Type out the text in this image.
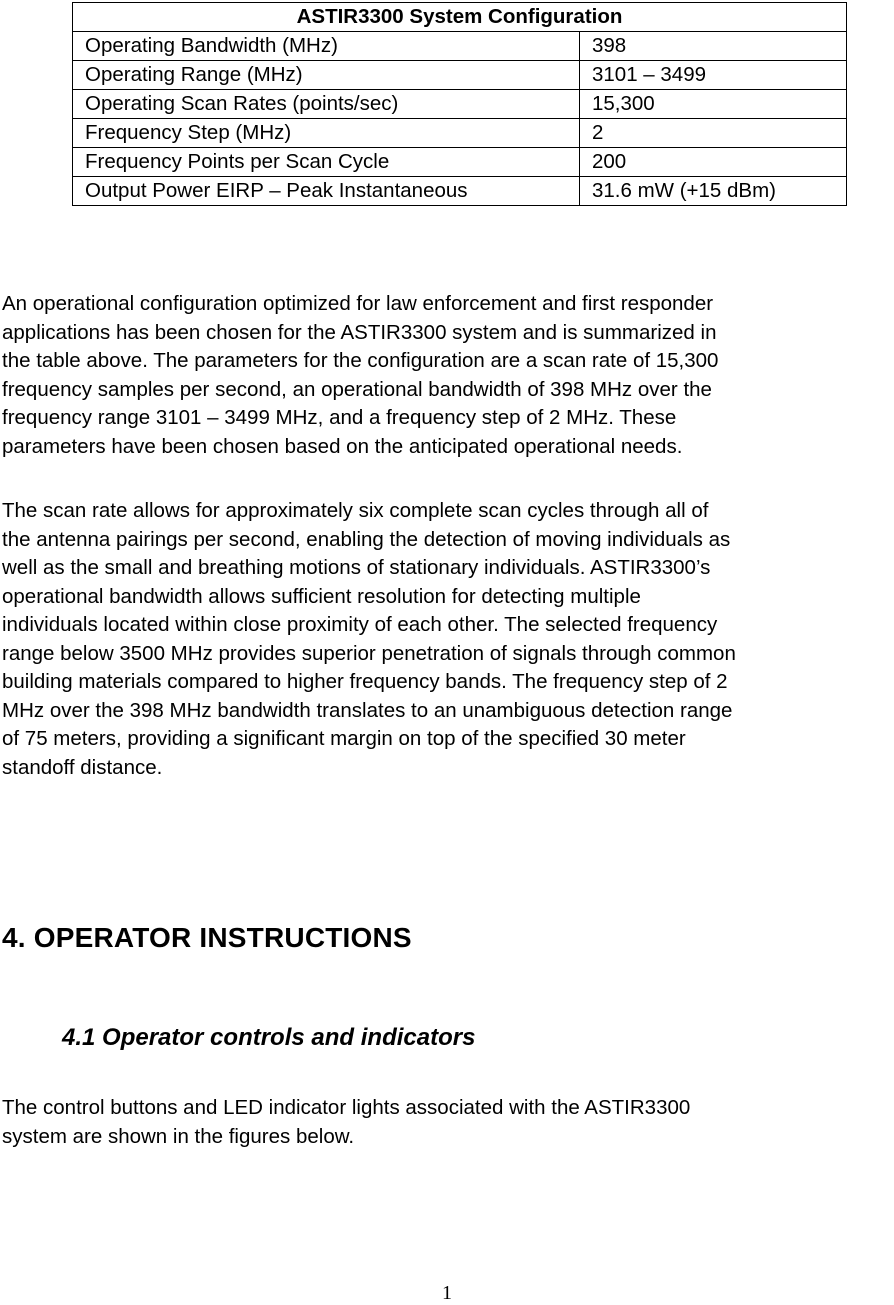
ASTIR3300 System Configuration	
Operating Bandwidth (MHz)	398
Operating Range (MHz)	3101 – 3499
Operating Scan Rates (points/sec)	15,300
Frequency Step (MHz)	2
Frequency Points per Scan Cycle	200
Output Power EIRP – Peak Instantaneous	31.6 mW (+15 dBm)

An operational configuration optimized for law enforcement and first responder
applications has been chosen for the ASTIR3300 system and is summarized in
the table above. The parameters for the configuration are a scan rate of 15,300
frequency samples per second, an operational bandwidth of 398 MHz over the
frequency range 3101 – 3499 MHz, and a frequency step of 2 MHz. These
parameters have been chosen based on the anticipated operational needs.

The scan rate allows for approximately six complete scan cycles through all of
the antenna pairings per second, enabling the detection of moving individuals as
well as the small and breathing motions of stationary individuals. ASTIR3300’s
operational bandwidth allows sufficient resolution for detecting multiple
individuals located within close proximity of each other. The selected frequency
range below 3500 MHz provides superior penetration of signals through common
building materials compared to higher frequency bands. The frequency step of 2
MHz over the 398 MHz bandwidth translates to an unambiguous detection range
of 75 meters, providing a significant margin on top of the specified 30 meter
standoff distance.

4. OPERATOR INSTRUCTIONS
4.1 Operator controls and indicators

The control buttons and LED indicator lights associated with the ASTIR3300
system are shown in the figures below.

1
